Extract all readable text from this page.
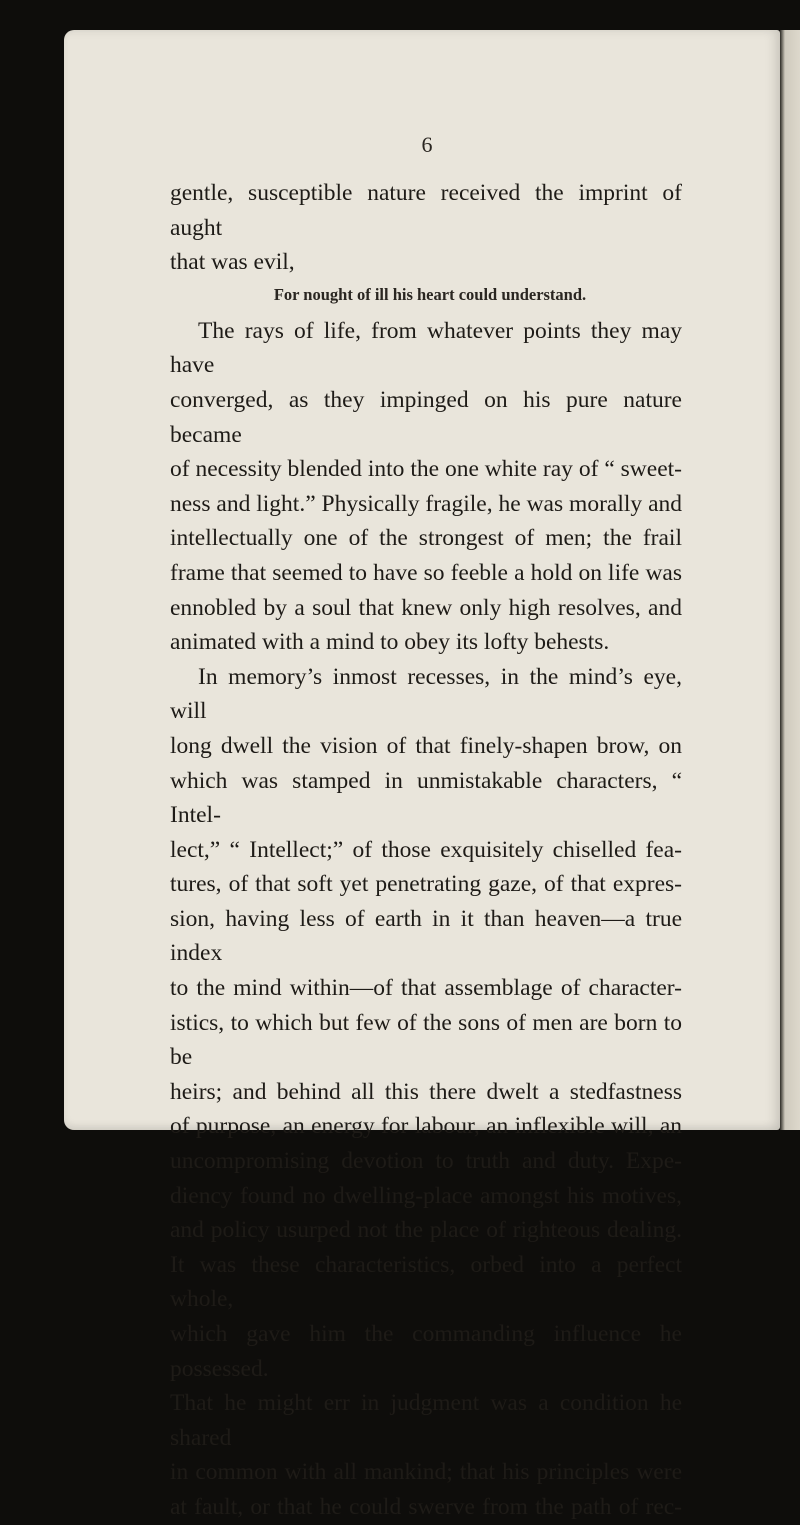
6

gentle, susceptible nature received the imprint of aught

that was evil,

For nought of ill his heart could understand.

The rays of life, from whatever points they may have

converged, as they impinged on his pure nature became

of necessity blended into the one white ray of “ sweet-

ness and light.” Physically fragile, he was morally and

intellectually one of the strongest of men; the frail

frame that seemed to have so feeble a hold on life was

ennobled by a soul that knew only high resolves, and

animated with a mind to obey its lofty behests.

In memory’s inmost recesses, in the mind’s eye, will

long dwell the vision of that finely-shapen brow, on

which was stamped in unmistakable characters, “ Intel-

lect,” “ Intellect;” of those exquisitely chiselled fea-

tures, of that soft yet penetrating gaze, of that expres-

sion, having less of earth in it than heaven—a true index

to the mind within—of that assemblage of character-

istics, to which but few of the sons of men are born to be

heirs; and behind all this there dwelt a stedfastness

of purpose, an energy for labour, an inflexible will, an

uncompromising devotion to truth and duty. Expe-

diency found no dwelling-place amongst his motives,

and policy usurped not the place of righteous dealing.

It was these characteristics, orbed into a perfect whole,

which gave him the commanding influence he possessed.

That he might err in judgment was a condition he shared

in common with all mankind; that his principles were

at fault, or that he could swerve from the path of rec-
